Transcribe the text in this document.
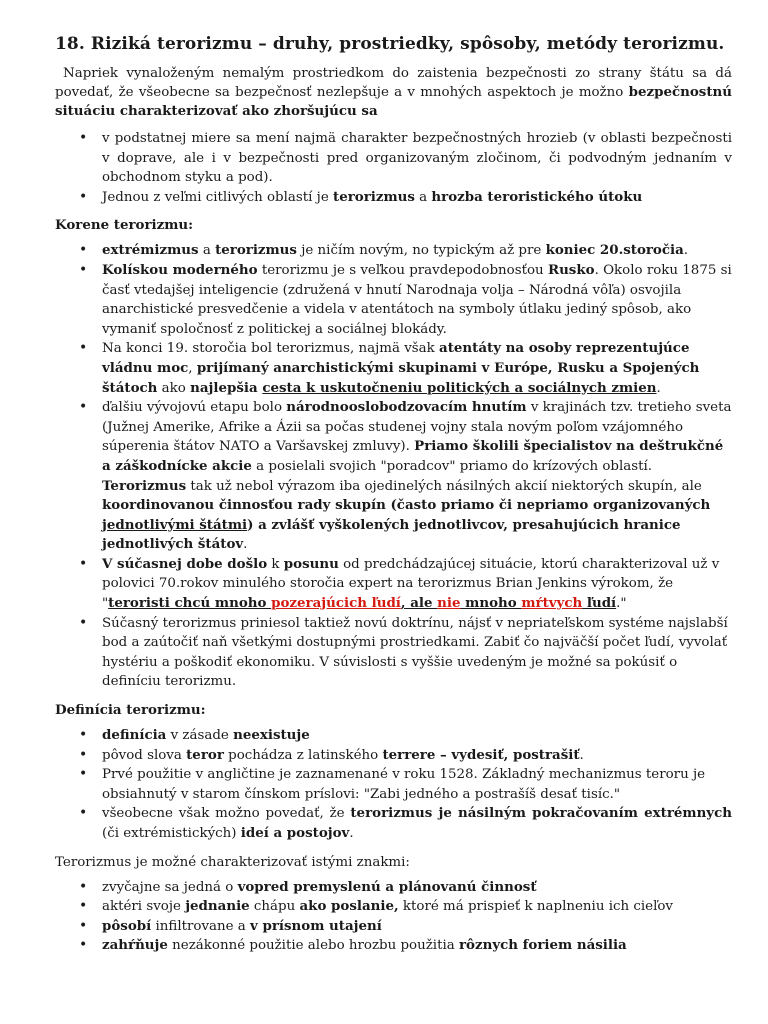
18. Riziká terorizmu – druhy, prostriedky, spôsoby, metódy terorizmu.

Napriek vynaloženým nemalým prostriedkom do zaistenia bezpečnosti zo strany štátu sa dá povedať, že všeobecne sa bezpečnosť nezlepšuje a v mnohých aspektoch je možno bezpečnostnú situáciu charakterizovať ako zhoršujúcu sa

• v podstatnej miere sa mení najmä charakter bezpečnostných hrozieb (v oblasti bezpečnosti v doprave, ale i v bezpečnosti pred organizovaným zločinom, či podvodným jednaním v obchodnom styku a pod).
• Jednou z veľmi citlivých oblastí je terorizmus a hrozba teroristického útoku

Korene terorizmu:

• extrémizmus a terorizmus je ničím novým, no typickým až pre koniec 20.storočia.
• Kolískou moderného terorizmu je s veľkou pravdepodobnosťou Rusko. Okolo roku 1875 si časť vtedajšej inteligencie (združená v hnutí Narodnaja volja – Národná vôľa) osvojila anarchistické presvedčenie a videla v atentátoch na symboly útlaku jediný spôsob, ako vymaniť spoločnosť z politickej a sociálnej blokády.
• Na konci 19. storočia bol terorizmus, najmä však atentáty na osoby reprezentujúce vládnu moc, prijímaný anarchistickými skupinami v Európe, Rusku a Spojených štátoch ako najlepšia cesta k uskutočneniu politických a sociálnych zmien.
• ďalšiu vývojovú etapu bolo národnooslobodzovacím hnutím v krajinách tzv. tretieho sveta (Južnej Amerike, Afrike a Ázii sa počas studenej vojny stala novým poľom vzájomného súperenia štátov NATO a Varšavskej zmluvy). Priamo školili špecialistov na deštrukčné a záškodnícke akcie a posielali svojich "poradcov" priamo do krízových oblastí. Terorizmus tak už nebol výrazom iba ojedinelých násilných akcií niektorých skupín, ale koordinovanou činnosťou rady skupín (často priamo či nepriamo organizovaných jednotlivými štátmi) a zvlášť vyškolených jednotlivcov, presahujúcich hranice jednotlivých štátov.
• V súčasnej dobe došlo k posunu od predchádzajúcej situácie, ktorú charakterizoval už v polovici 70.rokov minulého storočia expert na terorizmus Brian Jenkins výrokom, že "teroristi chcú mnoho pozerajúcich ľudí, ale nie mnoho mŕtvych ľudí."
• Súčasný terorizmus priniesol taktiež novú doktrínu, nájsť v nepriateľskom systéme najslabší bod a zaútočiť naň všetkými dostupnými prostriedkami. Zabiť čo najväčší počet ľudí, vyvolať hystériu a poškodiť ekonomiku. V súvislosti s vyššie uvedeným je možné sa pokúsiť o definíciu terorizmu.

Definícia terorizmu:

• definícia v zásade neexistuje
• pôvod slova teror pochádza z latinského terrere – vydesiť, postrašiť.
• Prvé použitie v angličtine je zaznamenané v roku 1528. Základný mechanizmus teroru je obsiahnutý v starom čínskom príslovi: "Zabi jedného a postrašíš desať tisíc."
• všeobecne však možno povedať, že terorizmus je násilným pokračovaním extrémnych (či extrémistických) ideí a postojov.

Terorizmus je možné charakterizovať istými znakmi:

• zvyčajne sa jedná o vopred premyslenú a plánovanú činnosť
• aktéri svoje jednanie chápu ako poslanie, ktoré má prispieť k naplneniu ich cieľov
• pôsobí infiltrovane a v prísnom utajení
• zahŕňuje nezákonné použitie alebo hrozbu použitia rôznych foriem násilia
